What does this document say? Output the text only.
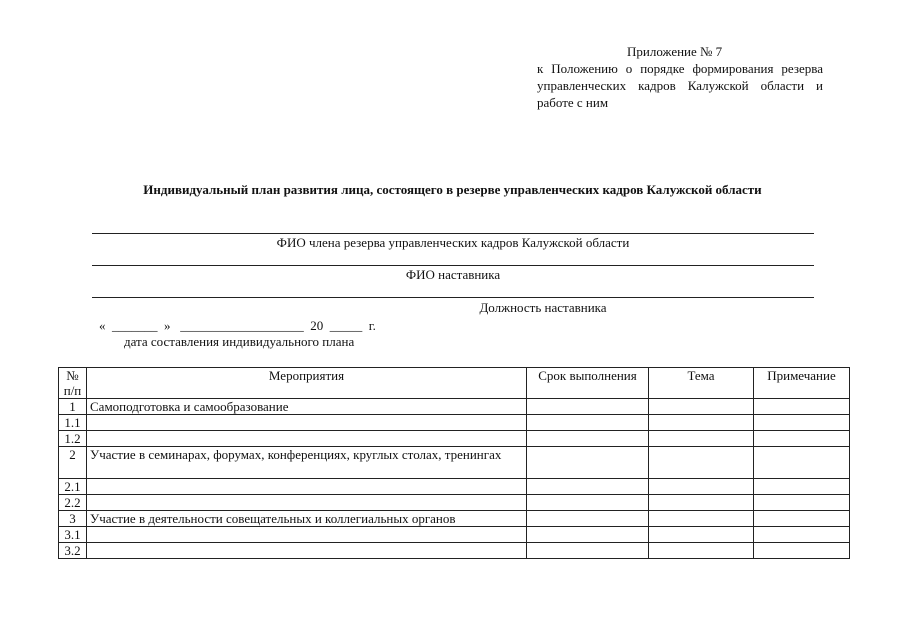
Приложение № 7
к Положению о порядке формирования резерва управленческих кадров Калужской области и работе с ним
Индивидуальный план развития лица, состоящего в резерве управленческих кадров Калужской области
ФИО члена резерва управленческих кадров Калужской области
ФИО наставника
Должность наставника
«  _______  »   ___________________  20  _____  г.
дата составления индивидуального плана
№ п/п	Мероприятия	Срок выполнения	Тема	Примечание
1	Самоподготовка и самообразование			
1.1				
1.2				
2	Участие в семинарах, форумах, конференциях, круглых столах, тренингах			
2.1				
2.2				
3	Участие в деятельности совещательных и коллегиальных органов			
3.1				
3.2				
